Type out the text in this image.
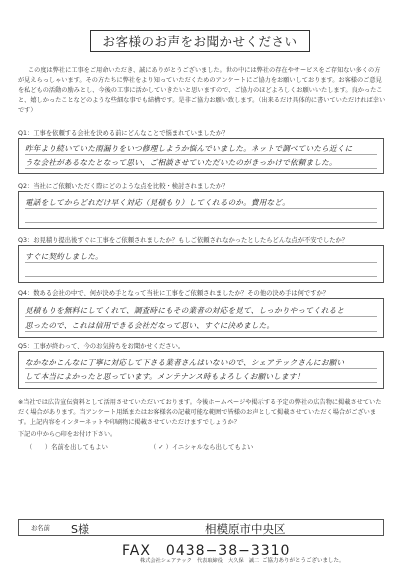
お客様のお声をお聞かせください
この度は弊社に工事をご用命いただき、誠にありがとうございました。世の中には弊社の存在やサービスをご存知ない多くの方が見えらっしゃいます。その方たちに弊社をより知っていただくためのアンケートにご協力をお願いしております。お客様のご意見を私どもの活動の励みとし、今後の工事に活かしていきたいと思いますので、ご協力のほどよろしくお願いいたします。良かったこと、嬉しかったことなどのような些細な事でも結構です。是非ご協力お願い致します。（出来るだけ具体的に書いていただければ幸いです）
Q1：工事を依頼する会社を決める前にどんなことで悩まれていましたか？
昨年より続いていた雨漏りをいつ修理しようか悩んでいました。ネットで調べていたら近くに
うな会社があるなたとなって思い、ご相談させていただいたのがきっかけで依頼ました。
Q2：当社にご依頼いただく際にどのような点を比較・検討されましたか？
電話をしてからどれだけ早く対応（見積もり）してくれるのか。費用など。
Q3：お見積り提出後すぐに工事をご依頼されましたか？もしご依頼されなかったとしたらどんな点が不安でしたか？
すぐに契約しました。
Q4：数ある会社の中で、何が決め手となって当社に工事をご依頼されましたか？その他の決め手は何ですか？
見積もりを無料にしてくれて、調査時にもその業者の対応を見て、しっかりやってくれると
思ったので、これは信用できる会社だなって思い、すぐに決めました。
Q5：工事が終わって、今のお気持ちをお聞かせください。
なかなかこんなに丁寧に対応して下さる業者さんはいないので、シェアテックさんにお願い
して本当によかったと思っています。メンテナンス時もよろしくお願いします！
※当社では広告宣伝資料として活用させていただいております。今後ホームページや掲示する予定の弊社の広告物に掲載させていただく場合があります。当アンケート用紙またはお客様名の記載可能な範囲で皆様のお声として掲載させていただく場合がございます。上記内容をインターネットや印刷物に掲載させていただけますでしょうか？
下記の中から○印をお付け下さい。
（　　）名前を出してもよい	（ ✓ ）イニシャルなら出してもよい
お名前 S様	相模原市中央区
FAX　0438−38−3310
ご協力ありがとうございました。
株式会社シェアテック　代表取締役　大久保　誠二
